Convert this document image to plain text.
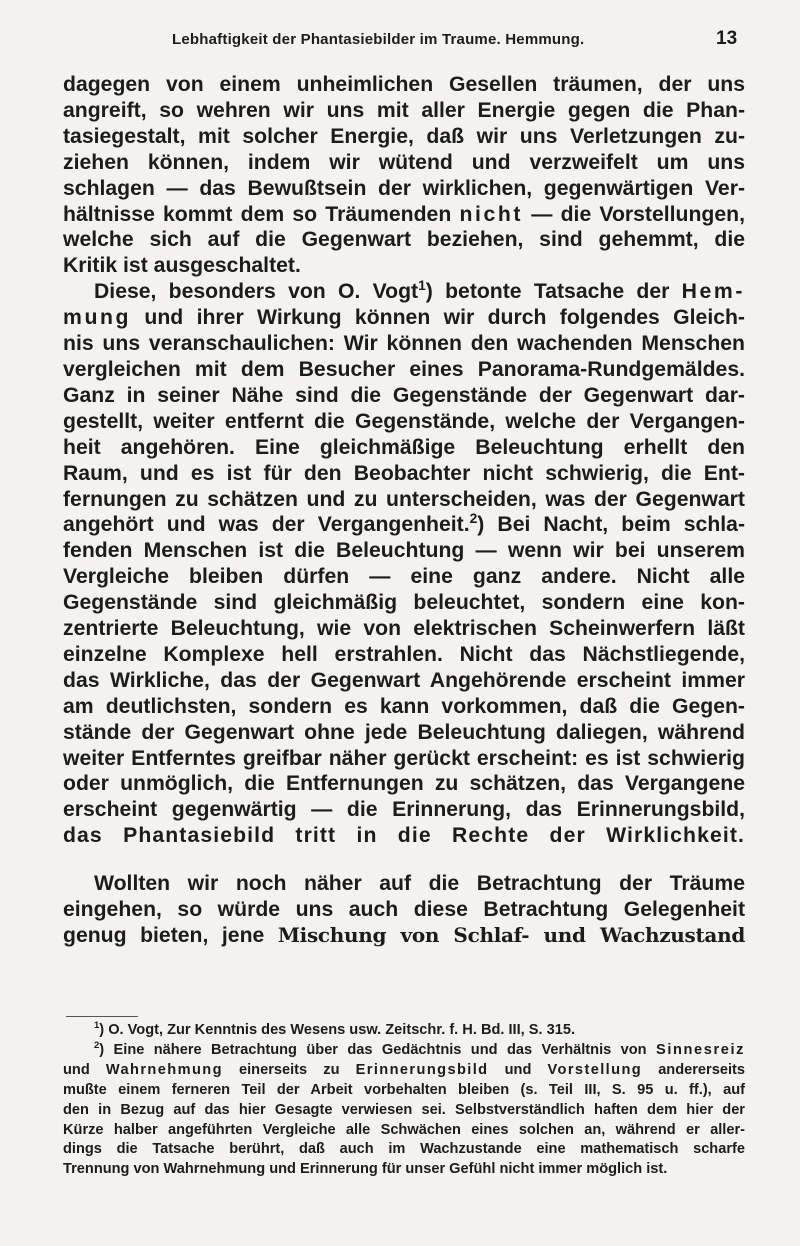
Lebhaftigkeit der Phantasiebilder im Traume. Hemmung.	13
dagegen von einem unheimlichen Gesellen träumen, der uns
angreift, so wehren wir uns mit aller Energie gegen die Phan-
tasiegestalt, mit solcher Energie, daß wir uns Verletzungen zu-
ziehen können, indem wir wütend und verzweifelt um uns
schlagen — das Bewußtsein der wirklichen, gegenwärtigen Ver-
hältnisse kommt dem so Träumenden nicht — die Vorstellungen,
welche sich auf die Gegenwart beziehen, sind gehemmt, die
Kritik ist ausgeschaltet.
Diese, besonders von O. Vogt$^1$) betonte Tatsache der Hem-
mung und ihrer Wirkung können wir durch folgendes Gleich-
nis uns veranschaulichen: Wir können den wachenden Menschen
vergleichen mit dem Besucher eines Panorama-Rundgemäldes.
Ganz in seiner Nähe sind die Gegenstände der Gegenwart dar-
gestellt, weiter entfernt die Gegenstände, welche der Vergangen-
heit angehören. Eine gleichmäßige Beleuchtung erhellt den
Raum, und es ist für den Beobachter nicht schwierig, die Ent-
fernungen zu schätzen und zu unterscheiden, was der Gegenwart
angehört und was der Vergangenheit.$^2$) Bei Nacht, beim schla-
fenden Menschen ist die Beleuchtung — wenn wir bei unserem
Vergleiche bleiben dürfen — eine ganz andere. Nicht alle
Gegenstände sind gleichmäßig beleuchtet, sondern eine kon-
zentrierte Beleuchtung, wie von elektrischen Scheinwerfern läßt
einzelne Komplexe hell erstrahlen. Nicht das Nächstliegende,
das Wirkliche, das der Gegenwart Angehörende erscheint immer
am deutlichsten, sondern es kann vorkommen, daß die Gegen-
stände der Gegenwart ohne jede Beleuchtung daliegen, während
weiter Entferntes greifbar näher gerückt erscheint: es ist schwierig
oder unmöglich, die Entfernungen zu schätzen, das Vergangene
erscheint gegenwärtig — die Erinnerung, das Erinnerungsbild,
das Phantasiebild tritt in die Rechte der Wirklichkeit.
Wollten wir noch näher auf die Betrachtung der Träume
eingehen, so würde uns auch diese Betrachtung Gelegenheit
genug bieten, jene Mischung von Schlaf- und Wachzustand
$^1$) O. Vogt, Zur Kenntnis des Wesens usw. Zeitschr. f. H. Bd. III, S. 315.
$^2$) Eine nähere Betrachtung über das Gedächtnis und das Verhältnis von Sinnesreiz
und Wahrnehmung einerseits zu Erinnerungsbild und Vorstellung andererseits
mußte einem ferneren Teil der Arbeit vorbehalten bleiben (s. Teil III, S. 95 u. ff.), auf
den in Bezug auf das hier Gesagte verwiesen sei. Selbstverständlich haften dem hier der
Kürze halber angeführten Vergleiche alle Schwächen eines solchen an, während er aller-
dings die Tatsache berührt, daß auch im Wachzustande eine mathematisch scharfe
Trennung von Wahrnehmung und Erinnerung für unser Gefühl nicht immer möglich ist.
